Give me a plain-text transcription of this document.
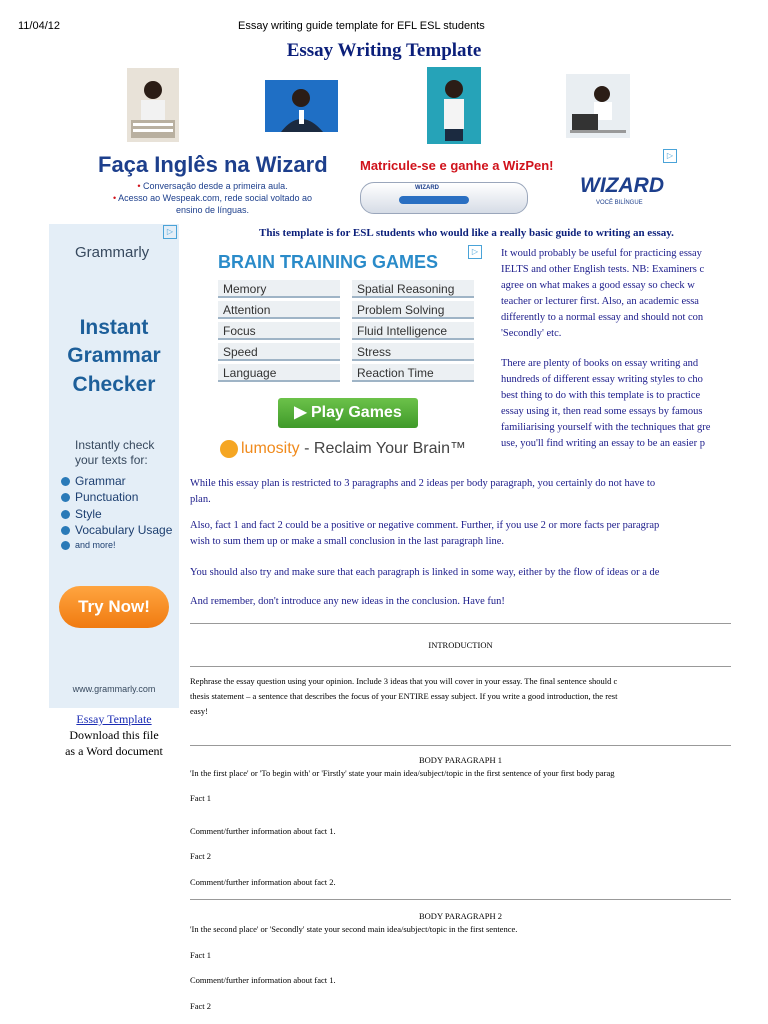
11/04/12	Essay writing guide template for EFL ESL students
Essay Writing Template
Faça Inglês na Wizard
• Conversação desde a primeira aula.
• Acesso ao Wespeak.com, rede social voltado ao
ensino de línguas.
Matricule-se e ganhe a WizPen!
WIZARD	WIZARD
VOCÊ BILÍNGUE
▷
▷
Grammarly
Instant
Grammar
Checker
Instantly check
your texts for:
Grammar
Punctuation
Style
Vocabulary Usage
and more!
Try Now!
www.grammarly.com
Essay Template
Download this file
as a Word document
This template is for ESL students who would like a really basic guide to writing an essay.
▷
BRAIN TRAINING GAMES
Memory
Attention
Focus
Speed
Language
Spatial Reasoning
Problem Solving
Fluid Intelligence
Stress
Reaction Time
▶ Play Games
lumosity - Reclaim Your Brain™
It would probably be useful for practicing essay
IELTS and other English tests. NB: Examiners c
agree on what makes a good essay so check w
teacher or lecturer first. Also, an academic essa
differently to a normal essay and should not con
'Secondly' etc.
There are plenty of books on essay writing and
hundreds of different essay writing styles to cho
best thing to do with this template is to practice
essay using it, then read some essays by famous
familiarising yourself with the techniques that gre
use, you'll find writing an essay to be an easier p
While this essay plan is restricted to 3 paragraphs and 2 ideas per body paragraph, you certainly do not have to
plan.
Also, fact 1 and fact 2 could be a positive or negative comment. Further, if you use 2 or more facts per paragrap
wish to sum them up or make a small conclusion in the last paragraph line.
You should also try and make sure that each paragraph is linked in some way, either by the flow of ideas or a de
And remember, don't introduce any new ideas in the conclusion. Have fun!
INTRODUCTION
Rephrase the essay question using your opinion. Include 3 ideas that you will cover in your essay. The final sentence should c
thesis statement – a sentence that describes the focus of your ENTIRE essay subject. If you write a good introduction, the rest
easy!
BODY PARAGRAPH 1
'In the first place' or 'To begin with' or 'Firstly' state your main idea/subject/topic in the first sentence of your first body parag
Fact 1
Comment/further information about fact 1.
Fact 2
Comment/further information about fact 2.
BODY PARAGRAPH 2
'In the second place' or 'Secondly' state your second main idea/subject/topic in the first sentence.
Fact 1
Comment/further information about fact 1.
Fact 2
